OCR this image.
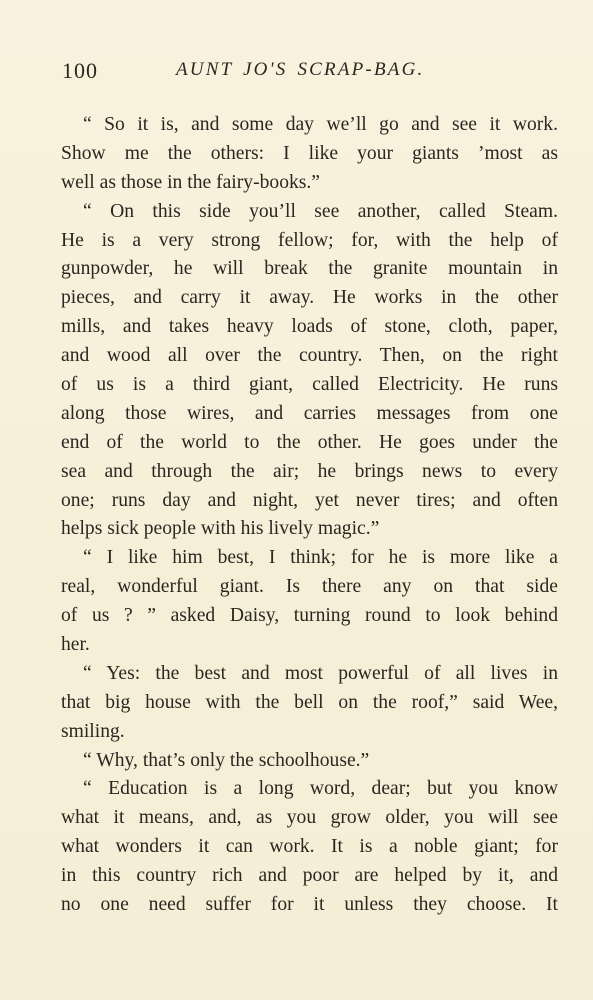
100	AUNT JO'S SCRAP-BAG.
“ So it is, and some day we’ll go and see it work.
Show me the others: I like your giants ’most as
well as those in the fairy-books.”
“ On this side you’ll see another, called Steam.
He is a very strong fellow; for, with the help of
gunpowder, he will break the granite mountain in
pieces, and carry it away. He works in the other
mills, and takes heavy loads of stone, cloth, paper,
and wood all over the country. Then, on the right
of us is a third giant, called Electricity. He runs
along those wires, and carries messages from one
end of the world to the other. He goes under the
sea and through the air; he brings news to every
one; runs day and night, yet never tires; and often
helps sick people with his lively magic.”
“ I like him best, I think; for he is more like a
real, wonderful giant. Is there any on that side
of us ? ” asked Daisy, turning round to look behind
her.
“ Yes: the best and most powerful of all lives in
that big house with the bell on the roof,” said Wee,
smiling.
“ Why, that’s only the schoolhouse.”
“ Education is a long word, dear; but you know
what it means, and, as you grow older, you will see
what wonders it can work. It is a noble giant; for
in this country rich and poor are helped by it, and
no one need suffer for it unless they choose. It
